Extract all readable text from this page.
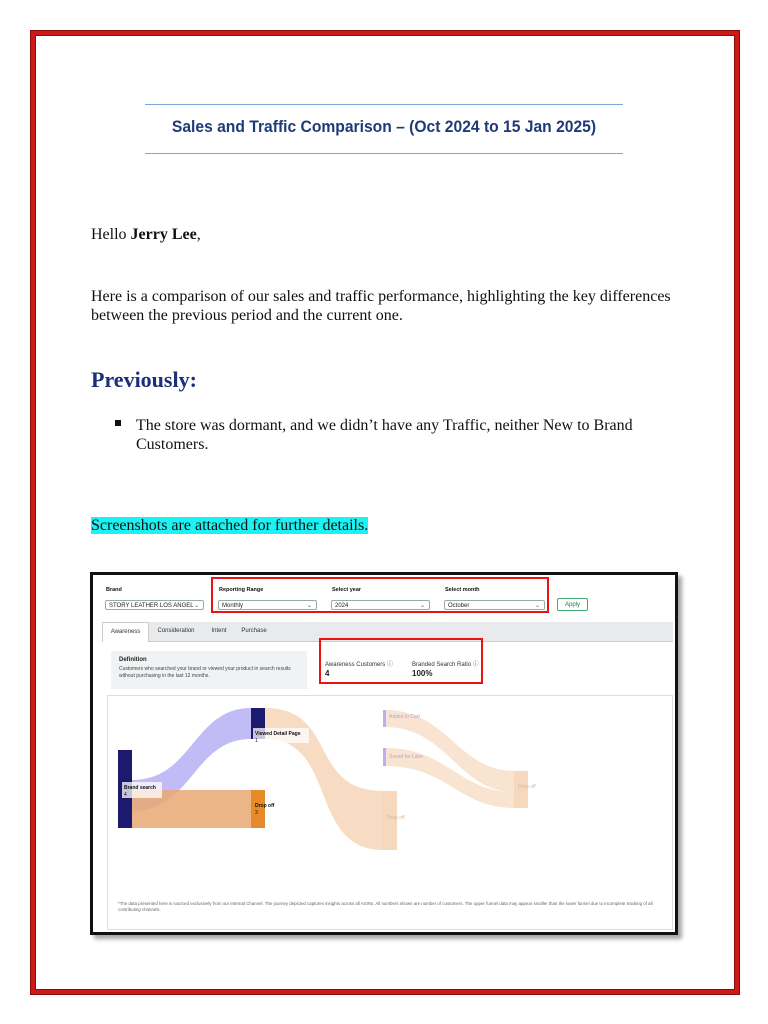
Sales and Traffic Comparison – (Oct 2024 to 15 Jan 2025)
Hello Jerry Lee,
Here is a comparison of our sales and traffic performance, highlighting the key differences between the previous period and the current one.
Previously:
The store was dormant, and we didn’t have any Traffic, neither New to Brand Customers.
Screenshots are attached for further details.
Brand
STORY LEATHER LOS ANGEL ⌄
Reporting Range
Monthly	⌄
Select year
2024	⌄
Select month
October	⌄	Apply
Awareness	Consideration	Intent	Purchase
Definition
Customers who searched your brand or viewed your product in search results without purchasing in the last 12 months.
Awareness Customers ⓘ
4
Branded Search Ratio ⓘ
100%
Brand search
4
Viewed Detail Page
1
Drop off
3
Added to Cart
Saved for Later
Drop off
Drop off
*The data presented here is sourced exclusively from our Internal Channel. The journey depicted captures insights across all ASINs. All numbers shown are number of customers. The upper funnel data may appear smaller than the lower funnel due to incomplete tracking of all contributing channels.
